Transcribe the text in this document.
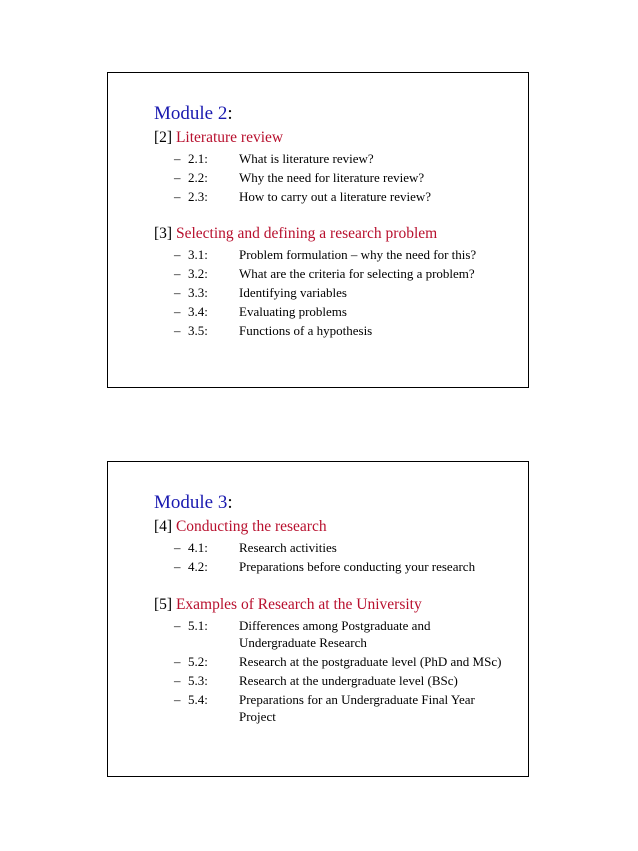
Module 2:
[2] Literature review
– 2.1:	What is literature review?
– 2.2:	Why the need for literature review?
– 2.3:	How to carry out a literature review?
[3] Selecting and defining a research problem
– 3.1:	Problem formulation – why the need for this?
– 3.2:	What are the criteria for selecting a problem?
– 3.3:	Identifying variables
– 3.4:	Evaluating problems
– 3.5:	Functions of a hypothesis
Module 3:
[4] Conducting the research
– 4.1:	Research activities
– 4.2:	Preparations before conducting your research
[5] Examples of Research at the University
– 5.1:	Differences among Postgraduate and Undergraduate Research
– 5.2:	Research at the postgraduate level (PhD and MSc)
– 5.3:	Research at the undergraduate level (BSc)
– 5.4:	Preparations for an Undergraduate Final Year Project
